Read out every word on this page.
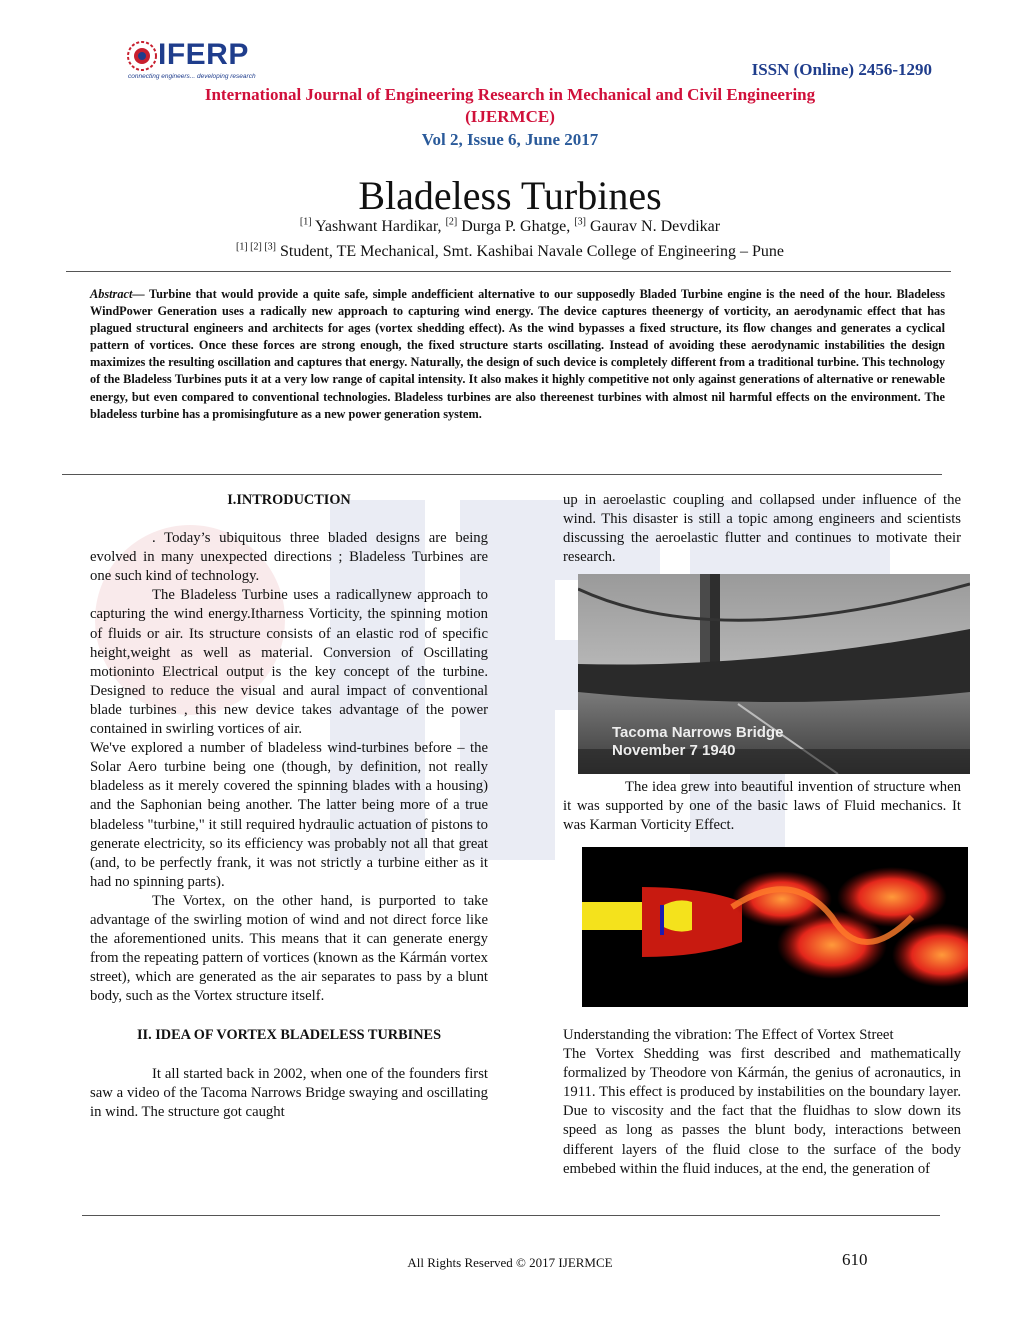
IFERP
connecting engineers... developing research	ISSN (Online) 2456-1290
International Journal of Engineering Research in Mechanical and Civil Engineering
(IJERMCE)
Vol 2, Issue 6, June 2017
Bladeless Turbines
[1] Yashwant Hardikar, [2] Durga P. Ghatge, [3] Gaurav N. Devdikar
[1] [2] [3] Student, TE Mechanical, Smt. Kashibai Navale College of Engineering – Pune
Abstract— Turbine that would provide a quite safe, simple andefficient alternative to our supposedly Bladed Turbine engine is the need of the hour. Bladeless WindPower Generation uses a radically new approach to capturing wind energy. The device captures theenergy of vorticity, an aerodynamic effect that has plagued structural engineers and architects for ages (vortex shedding effect). As the wind bypasses a fixed structure, its flow changes and generates a cyclical pattern of vortices. Once these forces are strong enough, the fixed structure starts oscillating. Instead of avoiding these aerodynamic instabilities the design maximizes the resulting oscillation and captures that energy. Naturally, the design of such device is completely different from a traditional turbine. This technology of the Bladeless Turbines puts it at a very low range of capital intensity. It also makes it highly competitive not only against generations of alternative or renewable energy, but even compared to conventional technologies. Bladeless turbines are also thereenest turbines with almost nil harmful effects on the environment. The bladeless turbine has a promisingfuture as a new power generation system.

I.INTRODUCTION

. Today’s ubiquitous three bladed designs are being evolved in many unexpected directions ; Bladeless Turbines are one such kind of technology.

The Bladeless Turbine uses a radicallynew approach to capturing the wind energy.Itharness Vorticity, the spinning motion of fluids or air. Its structure consists of an elastic rod of specific height,weight as well as material. Conversion of Oscillating motioninto Electrical output is the key concept of the turbine. Designed to reduce the visual and aural impact of conventional blade turbines , this new device takes advantage of the power contained in swirling vortices of air.

We've explored a number of bladeless wind-turbines before – the Solar Aero turbine being one (though, by definition, not really bladeless as it merely covered the spinning blades with a housing) and the Saphonian being another. The latter being more of a true bladeless "turbine," it still required hydraulic actuation of pistons to generate electricity, so its efficiency was probably not all that great (and, to be perfectly frank, it was not strictly a turbine either as it had no spinning parts).

The Vortex, on the other hand, is purported to take advantage of the swirling motion of wind and not direct force like the aforementioned units. This means that it can generate energy from the repeating pattern of vortices (known as the Kármán vortex street), which are generated as the air separates to pass by a blunt body, such as the Vortex structure itself.

II. IDEA OF VORTEX BLADELESS TURBINES

It all started back in 2002, when one of the founders first saw a video of the Tacoma Narrows Bridge swaying and oscillating in wind. The structure got caught

up in aeroelastic coupling and collapsed under influence of the wind. This disaster is still a topic among engineers and scientists discussing the aeroelastic flutter and continues to motivate their research.

Tacoma Narrows Bridge
November 7 1940

The idea grew into beautiful invention of structure when it was supported by one of the basic laws of Fluid mechanics. It was Karman Vorticity Effect.

Understanding the vibration: The Effect of Vortex Street

The Vortex Shedding was first described and mathematically formalized by Theodore von Kármán, the genius of acronautics, in 1911. This effect is produced by instabilities on the boundary layer. Due to viscosity and the fact that the fluidhas to slow down its speed as long as passes the blunt body, interactions between different layers of the fluid close to the surface of the body embebed within the fluid induces, at the end, the generation of

All Rights Reserved © 2017 IJERMCE	610
